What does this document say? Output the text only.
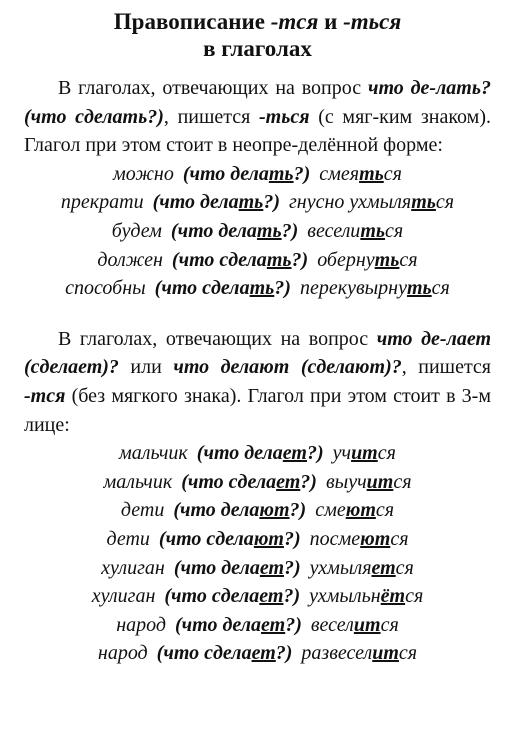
Правописание -тся и -ться
в глаголах

В глаголах, отвечающих на вопрос что де-лать? (что сделать?), пишется -ться (с мяг-ким знаком). Глагол при этом стоит в неопре-делённой форме:

можно (что делать?) смеяться

прекрати (что делать?) гнусно ухмыляться

будем (что делать?) веселиться

должен (что сделать?) обернуться

способны (что сделать?) перекувырнуться

В глаголах, отвечающих на вопрос что де-лает (сделает)? или что делают (сделают)?, пишется -тся (без мягкого знака). Глагол при этом стоит в 3-м лице:

мальчик (что делает?) учится

мальчик (что сделает?) выучится

дети (что делают?) смеются

дети (что сделают?) посмеются

хулиган (что делает?) ухмыляется

хулиган (что сделает?) ухмыльнётся

народ (что делает?) веселится

народ (что сделает?) развеселится
